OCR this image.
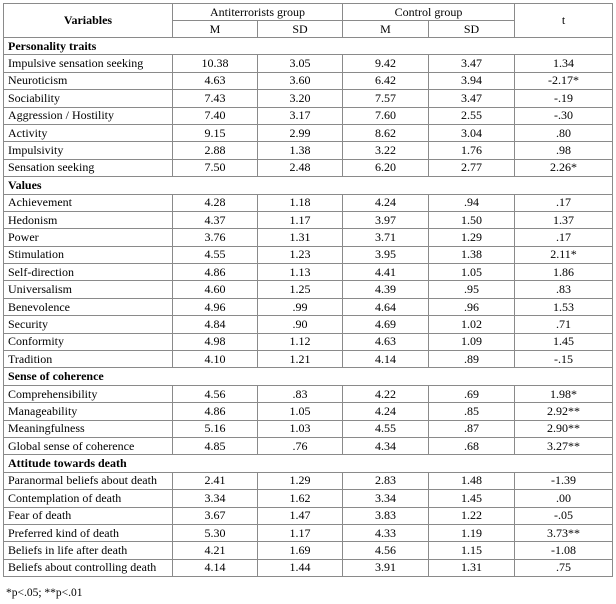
Variables	Antiterrorists group		Control group		t
	M	SD	M	SD	
Personality traits					
Impulsive sensation seeking	10.38	3.05	9.42	3.47	1.34
Neuroticism	4.63	3.60	6.42	3.94	-2.17*
Sociability	7.43	3.20	7.57	3.47	-.19
Aggression / Hostility	7.40	3.17	7.60	2.55	-.30
Activity	9.15	2.99	8.62	3.04	.80
Impulsivity	2.88	1.38	3.22	1.76	.98
Sensation seeking	7.50	2.48	6.20	2.77	2.26*
Values					
Achievement	4.28	1.18	4.24	.94	.17
Hedonism	4.37	1.17	3.97	1.50	1.37
Power	3.76	1.31	3.71	1.29	.17
Stimulation	4.55	1.23	3.95	1.38	2.11*
Self-direction	4.86	1.13	4.41	1.05	1.86
Universalism	4.60	1.25	4.39	.95	.83
Benevolence	4.96	.99	4.64	.96	1.53
Security	4.84	.90	4.69	1.02	.71
Conformity	4.98	1.12	4.63	1.09	1.45
Tradition	4.10	1.21	4.14	.89	-.15
Sense of coherence					
Comprehensibility	4.56	.83	4.22	.69	1.98*
Manageability	4.86	1.05	4.24	.85	2.92**
Meaningfulness	5.16	1.03	4.55	.87	2.90**
Global sense of coherence	4.85	.76	4.34	.68	3.27**
Attitude towards death					
Paranormal beliefs about death	2.41	1.29	2.83	1.48	-1.39
Contemplation of death	3.34	1.62	3.34	1.45	.00
Fear of death	3.67	1.47	3.83	1.22	-.05
Preferred kind of death	5.30	1.17	4.33	1.19	3.73**
Beliefs in life after death	4.21	1.69	4.56	1.15	-1.08
Beliefs about controlling death	4.14	1.44	3.91	1.31	.75
*p<.05; **p<.01
